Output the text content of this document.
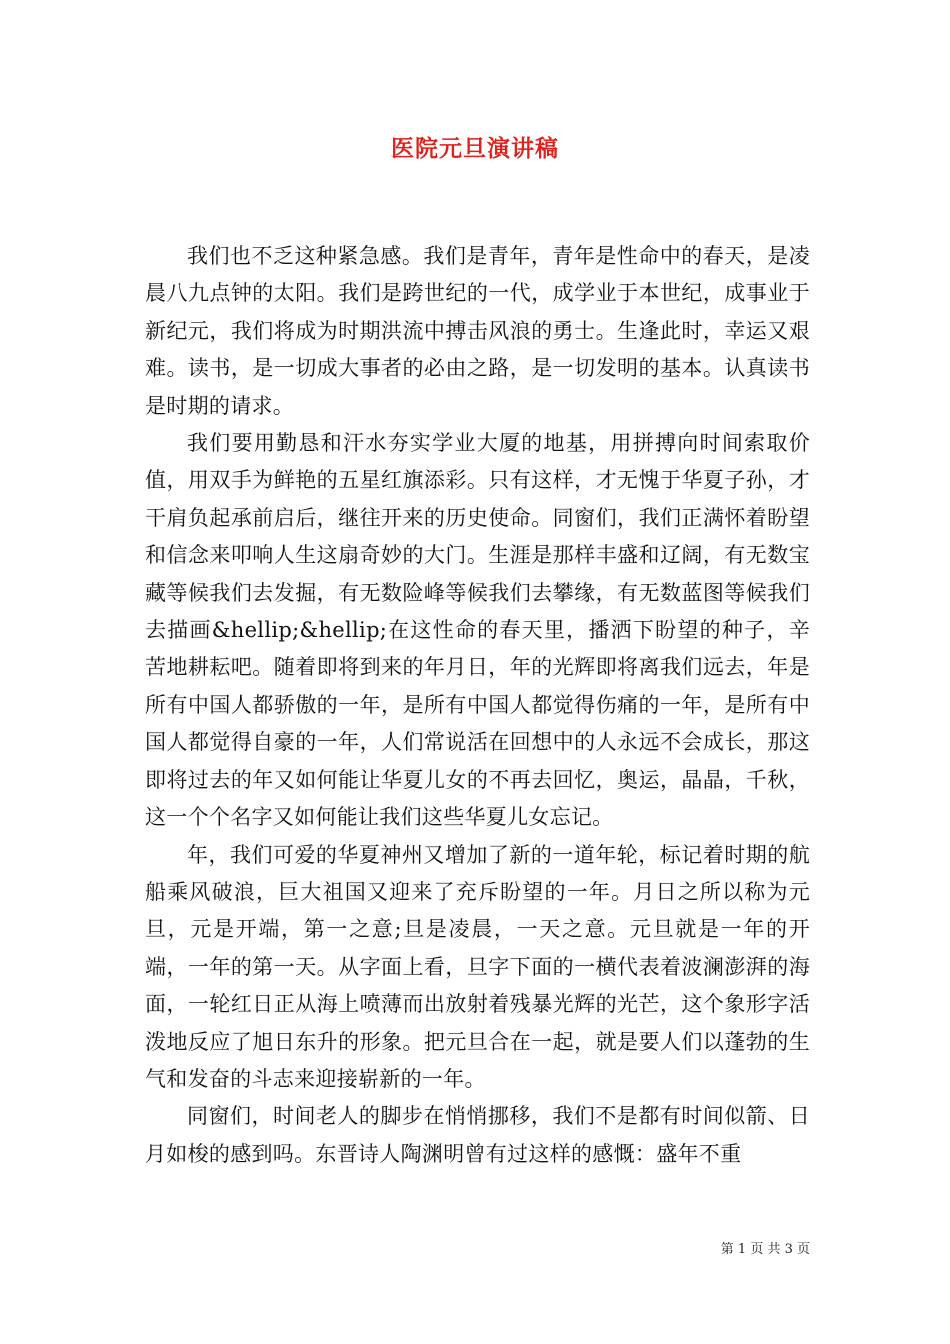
医院元旦演讲稿

我们也不乏这种紧急感。我们是青年，青年是性命中的春天，是凌晨八九点钟的太阳。我们是跨世纪的一代，成学业于本世纪，成事业于新纪元，我们将成为时期洪流中搏击风浪的勇士。生逢此时，幸运又艰难。读书，是一切成大事者的必由之路，是一切发明的基本。认真读书是时期的请求。

我们要用勤恳和汗水夯实学业大厦的地基，用拼搏向时间索取价值，用双手为鲜艳的五星红旗添彩。只有这样，才无愧于华夏子孙，才干肩负起承前启后，继往开来的历史使命。同窗们，我们正满怀着盼望和信念来叩响人生这扇奇妙的大门。生涯是那样丰盛和辽阔，有无数宝藏等候我们去发掘，有无数险峰等候我们去攀缘，有无数蓝图等候我们去描画&hellip;&hellip;在这性命的春天里，播洒下盼望的种子，辛苦地耕耘吧。随着即将到来的年月日，年的光辉即将离我们远去，年是所有中国人都骄傲的一年，是所有中国人都觉得伤痛的一年，是所有中国人都觉得自豪的一年，人们常说活在回想中的人永远不会成长，那这即将过去的年又如何能让华夏儿女的不再去回忆，奥运，晶晶，千秋，这一个个名字又如何能让我们这些华夏儿女忘记。

年，我们可爱的华夏神州又增加了新的一道年轮，标记着时期的航船乘风破浪，巨大祖国又迎来了充斥盼望的一年。月日之所以称为元旦，元是开端，第一之意;旦是凌晨，一天之意。元旦就是一年的开端，一年的第一天。从字面上看，旦字下面的一横代表着波澜澎湃的海面，一轮红日正从海上喷薄而出放射着残暴光辉的光芒，这个象形字活泼地反应了旭日东升的形象。把元旦合在一起，就是要人们以蓬勃的生气和发奋的斗志来迎接崭新的一年。

同窗们，时间老人的脚步在悄悄挪移，我们不是都有时间似箭、日月如梭的感到吗。东晋诗人陶渊明曾有过这样的感慨：盛年不重

第 1 页 共 3 页
